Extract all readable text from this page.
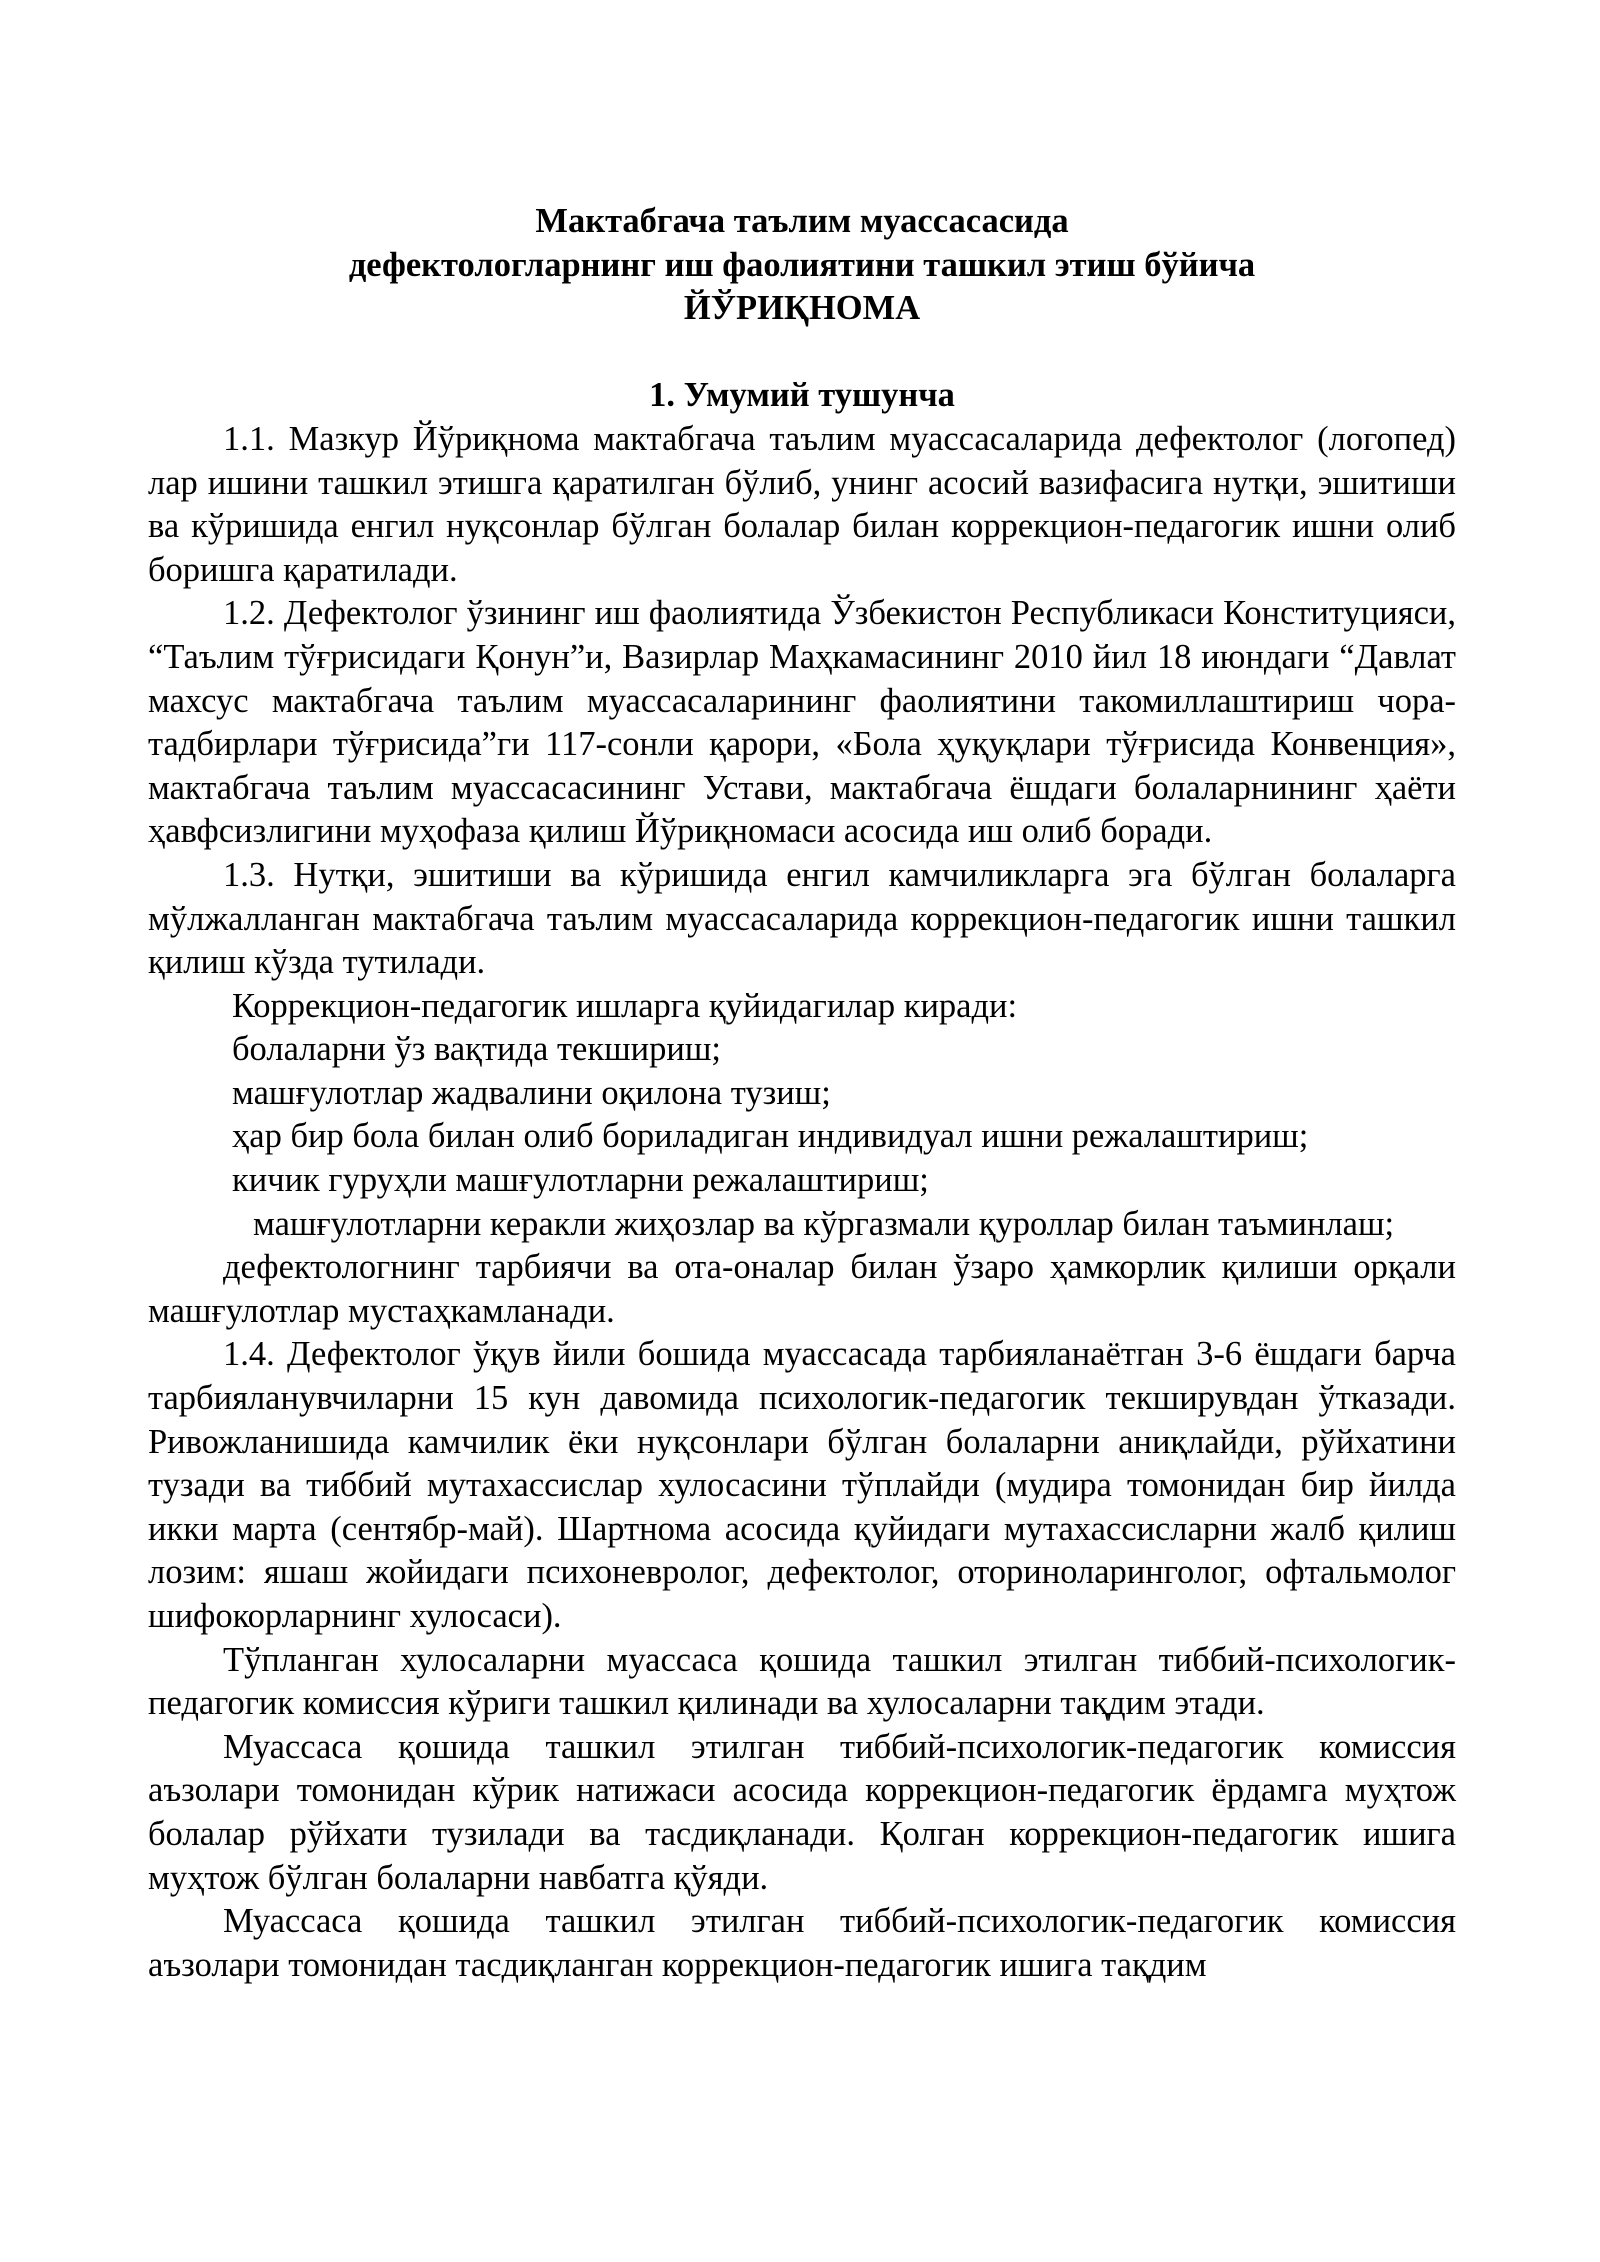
Мактабгача таълим муассасасида

дефектологларнинг иш фаолиятини ташкил этиш бўйича

ЙЎРИҚНОМА

1. Умумий тушунча

1.1. Мазкур Йўриқнома мактабгача таълим муассасаларида дефектолог (логопед) лар ишини ташкил этишга қаратилган бўлиб, унинг асосий вазифасига нутқи, эшитиши ва кўришида енгил нуқсонлар бўлган болалар билан коррекцион-педагогик ишни олиб боришга қаратилади.

1.2. Дефектолог ўзининг иш фаолиятида Ўзбекистон Республикаси Конституцияси, “Таълим тўғрисидаги Қонун”и, Вазирлар Маҳкамасининг 2010 йил 18 июндаги “Давлат махсус мактабгача таълим муассасаларининг фаолиятини такомиллаштириш чора-тадбирлари тўғрисида”ги 117-сонли қарори, «Бола ҳуқуқлари тўғрисида Конвенция», мактабгача таълим муассасасининг Устави, мактабгача ёшдаги болаларнининг ҳаёти ҳавфсизлигини муҳофаза қилиш Йўриқномаси асосида иш олиб боради.

1.3. Нутқи, эшитиши ва кўришида енгил камчиликларга эга бўлган болаларга мўлжалланган мактабгача таълим муассасаларида коррекцион-педагогик ишни ташкил қилиш кўзда тутилади.

Коррекцион-педагогик ишларга қуйидагилар киради:

болаларни ўз вақтида текшириш;

машғулотлар жадвалини оқилона тузиш;

ҳар бир бола билан олиб бориладиган индивидуал ишни режалаштириш;

кичик гуруҳли машғулотларни режалаштириш;

машғулотларни керакли жиҳозлар ва кўргазмали қуроллар билан таъминлаш;

дефектологнинг тарбиячи ва ота-оналар билан ўзаро ҳамкорлик қилиши орқали машғулотлар мустаҳкамланади.

1.4. Дефектолог ўқув йили бошида муассасада тарбияланаётган 3-6 ёшдаги барча тарбияланувчиларни 15 кун давомида психологик-педагогик текширувдан ўтказади. Ривожланишида камчилик ёки нуқсонлари бўлган болаларни аниқлайди, рўйхатини тузади ва тиббий мутахассислар хулосасини тўплайди (мудира томонидан бир йилда икки марта (сентябр-май). Шартнома асосида қуйидаги мутахассисларни жалб қилиш лозим: яшаш жойидаги психоневролог, дефектолог, оториноларинголог, офтальмолог шифокорларнинг хулосаси).

Тўпланган хулосаларни муассаса қошида ташкил этилган тиббий-психологик-педагогик комиссия кўриги ташкил қилинади ва хулосаларни тақдим этади.

Муассаса қошида ташкил этилган тиббий-психологик-педагогик комиссия аъзолари томонидан кўрик натижаси асосида коррекцион-педагогик ёрдамга муҳтож болалар рўйхати тузилади ва тасдиқланади. Қолган коррекцион-педагогик ишига муҳтож бўлган болаларни навбатга қўяди.

Муассаса қошида ташкил этилган тиббий-психологик-педагогик комиссия аъзолари томонидан тасдиқланган коррекцион-педагогик ишига тақдим
